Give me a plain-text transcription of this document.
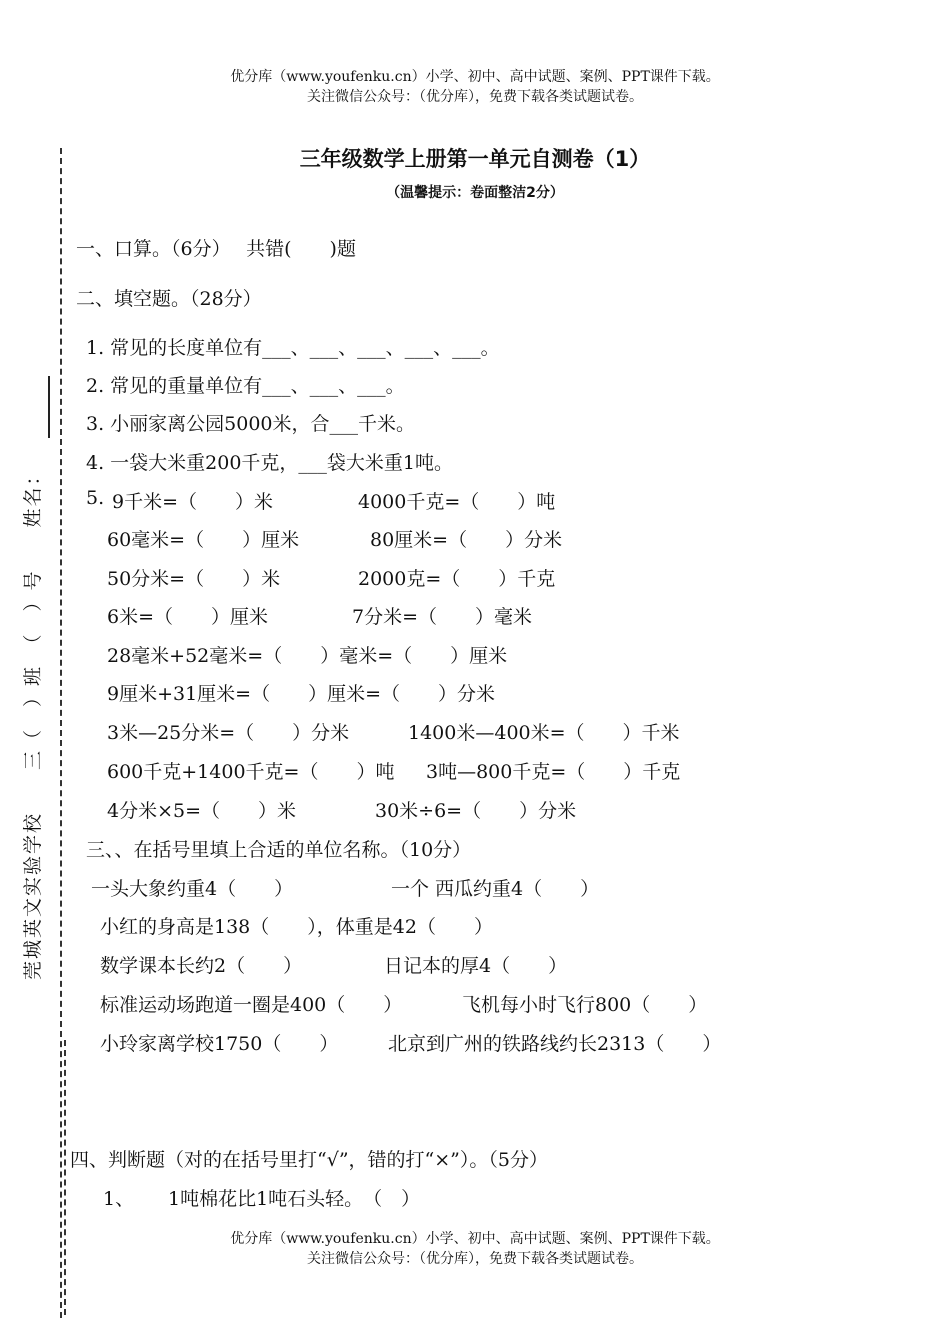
优分库（www.youfenku.cn）小学、初中、高中试题、案例、PPT课件下载。
关注微信公众号：（优分库），免费下载各类试题试卷。
莞城英文实验学校　　三（　）班　（　）号　　姓名：
三年级数学上册第一单元自测卷（1）
（温馨提示：卷面整洁2分）
一、口算。（6分）　 共错(　　)题
二、填空题。（28分）
1. 常见的长度单位有___、___、___、___、___。
2. 常见的重量单位有___、___、___。
3. 小丽家离公园5000米，合___千米。
4. 一袋大米重200千克，___袋大米重1吨。
5. 9千米=（　　）米	4000千克=（　　）吨
60毫米=（　　）厘米	80厘米=（　　）分米
50分米=（　　）米	2000克=（　　）千克
6米=（　　）厘米	7分米=（　　）毫米
28毫米+52毫米=（　　）毫米=（　　）厘米
9厘米+31厘米=（　　）厘米=（　　）分米
3米—25分米=（　　）分米	1400米—400米=（　　）千米
600千克+1400千克=（　　）吨 3吨—800千克=（　　）千克
4分米×5=（　　）米	30米÷6=（　　）分米
三、、在括号里填上合适的单位名称。（10分）
一头大象约重4（　　）	一个 西瓜约重4（　　）
小红的身高是138（　　），体重是42（　　）
数学课本长约2（　　）	日记本的厚4（　　）
标准运动场跑道一圈是400（　　）	飞机每小时飞行800（　　）
小玲家离学校1750（　　）	北京到广州的铁路线约长2313（　　）
四、判断题（对的在括号里打“√”，错的打“×”）。（5分）
1、 1吨棉花比1吨石头轻。　（　）
优分库（www.youfenku.cn）小学、初中、高中试题、案例、PPT课件下载。
关注微信公众号：（优分库），免费下载各类试题试卷。
